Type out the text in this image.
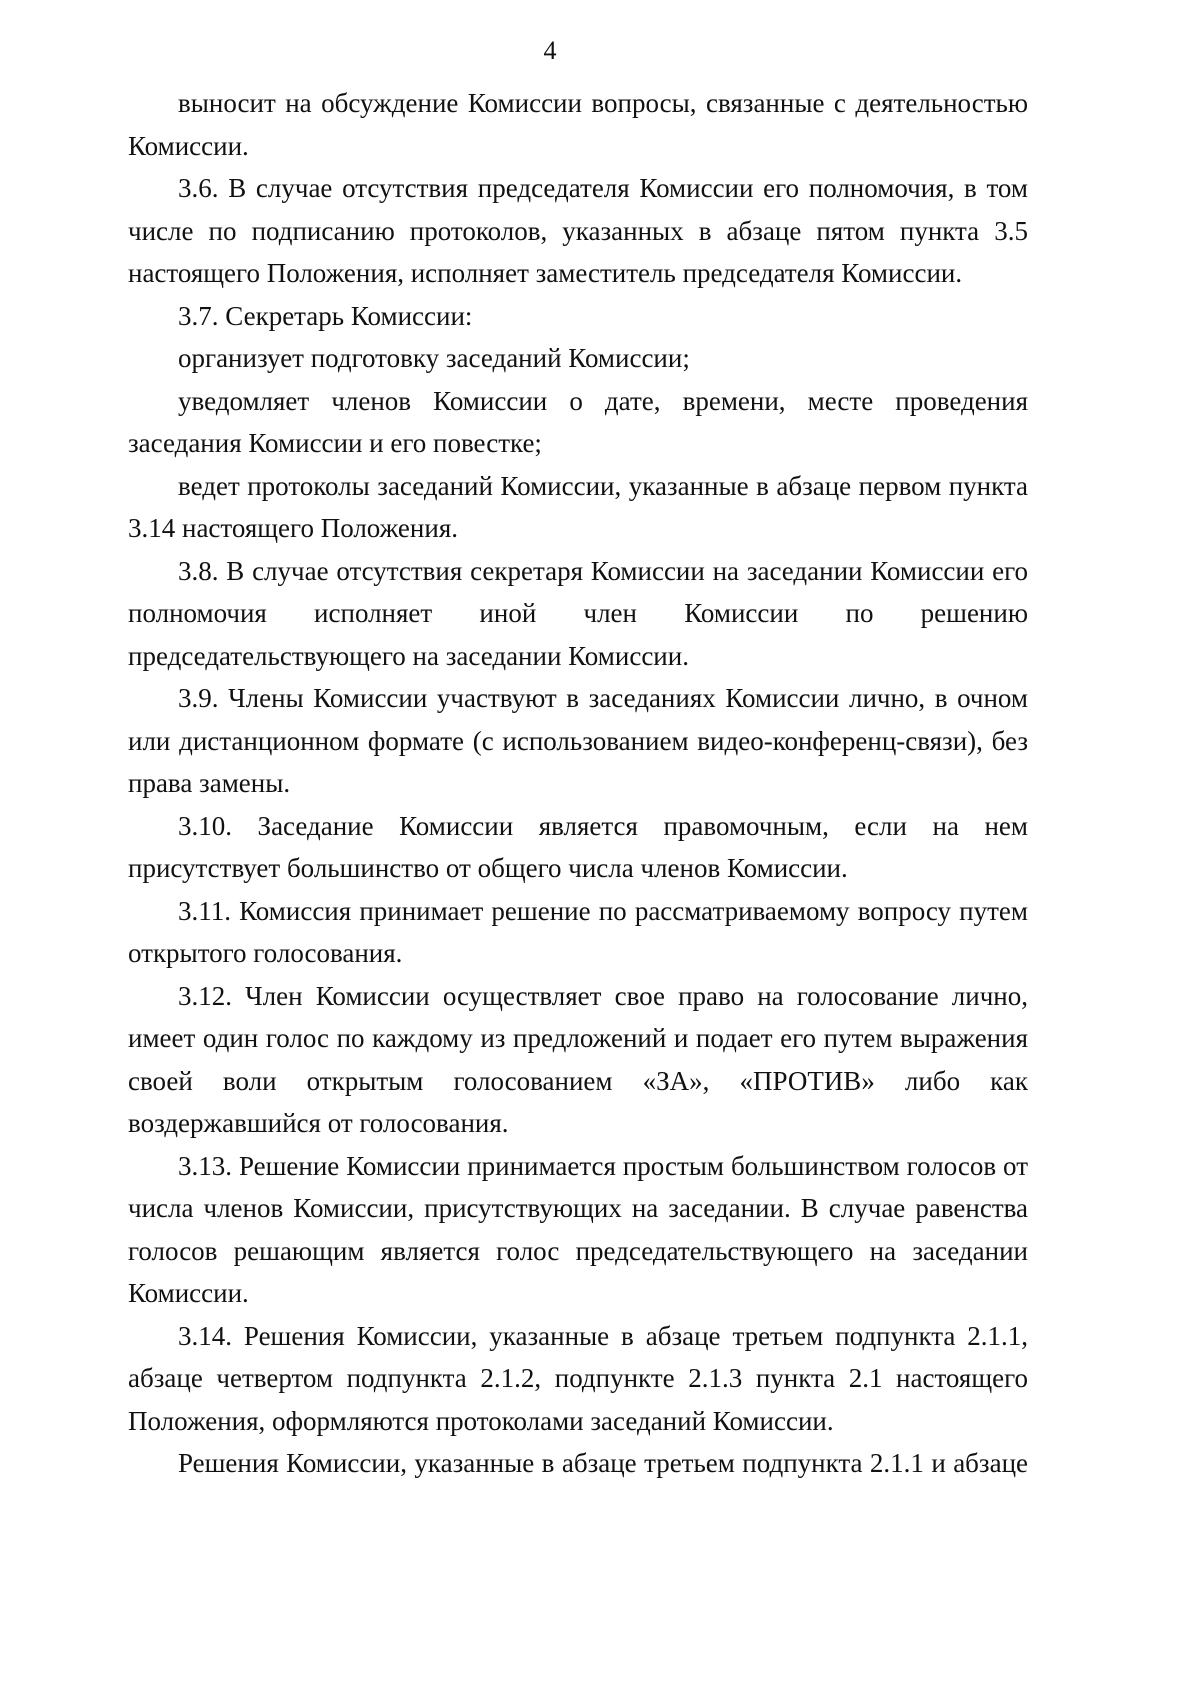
4

выносит на обсуждение Комиссии вопросы, связанные с деятельностью Комиссии.

3.6. В случае отсутствия председателя Комиссии его полномочия, в том числе по подписанию протоколов, указанных в абзаце пятом пункта 3.5 настоящего Положения, исполняет заместитель председателя Комиссии.

3.7. Секретарь Комиссии:

организует подготовку заседаний Комиссии;

уведомляет членов Комиссии о дате, времени, месте проведения заседания Комиссии и его повестке;

ведет протоколы заседаний Комиссии, указанные в абзаце первом пункта 3.14 настоящего Положения.

3.8. В случае отсутствия секретаря Комиссии на заседании Комиссии его полномочия исполняет иной член Комиссии по решению председательствующего на заседании Комиссии.

3.9. Члены Комиссии участвуют в заседаниях Комиссии лично, в очном или дистанционном формате (с использованием видео-конференц-связи), без права замены.

3.10. Заседание Комиссии является правомочным, если на нем присутствует большинство от общего числа членов Комиссии.

3.11. Комиссия принимает решение по рассматриваемому вопросу путем открытого голосования.

3.12. Член Комиссии осуществляет свое право на голосование лично, имеет один голос по каждому из предложений и подает его путем выражения своей воли открытым голосованием «ЗА», «ПРОТИВ» либо как воздержавшийся от голосования.

3.13. Решение Комиссии принимается простым большинством голосов от числа членов Комиссии, присутствующих на заседании. В случае равенства голосов решающим является голос председательствующего на заседании Комиссии.

3.14. Решения Комиссии, указанные в абзаце третьем подпункта 2.1.1, абзаце четвертом подпункта 2.1.2, подпункте 2.1.3 пункта 2.1 настоящего Положения, оформляются протоколами заседаний Комиссии.

Решения Комиссии, указанные в абзаце третьем подпункта 2.1.1 и абзаце
